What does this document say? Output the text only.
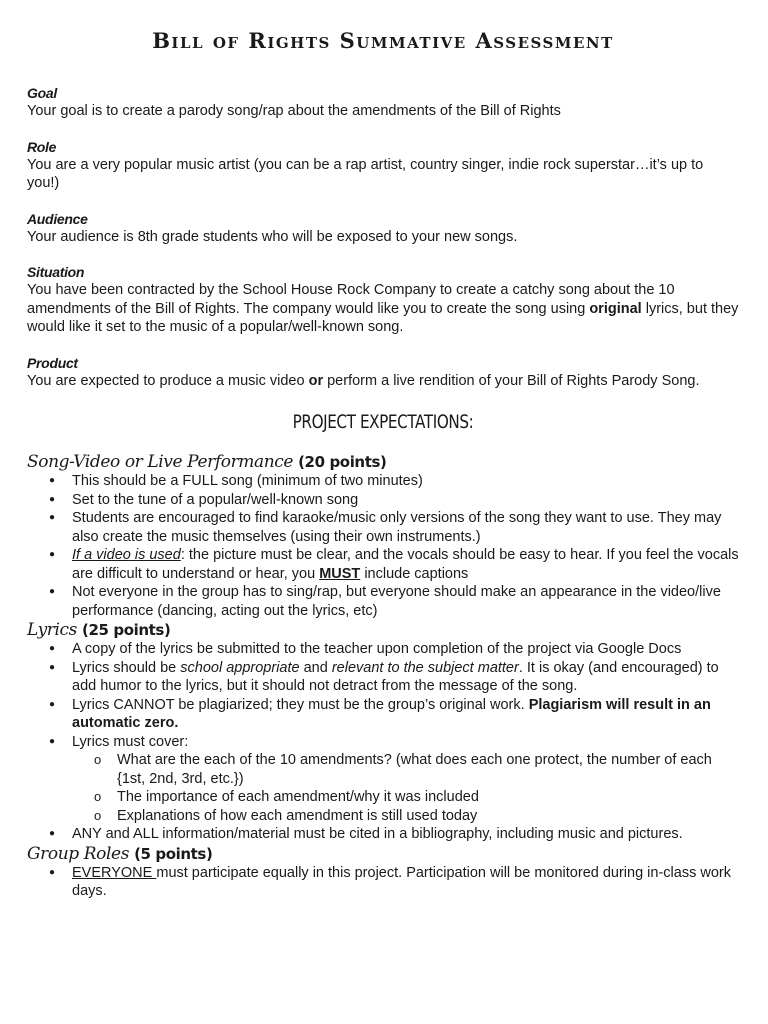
Bill of Rights Summative Assessment
Goal
Your goal is to create a parody song/rap about the amendments of the Bill of Rights
Role
You are a very popular music artist (you can be a rap artist, country singer, indie rock superstar…it’s up to you!)
Audience
Your audience is 8th grade students who will be exposed to your new songs.
Situation
You have been contracted by the School House Rock Company to create a catchy song about the 10 amendments of the Bill of Rights. The company would like you to create the song using original lyrics, but they would like it set to the music of a popular/well-known song.
Product
You are expected to produce a music video or perform a live rendition of your Bill of Rights Parody Song.
PROJECT EXPECTATIONS:
Song-Video or Live Performance (20 points)
● This should be a FULL song (minimum of two minutes)
● Set to the tune of a popular/well-known song
● Students are encouraged to find karaoke/music only versions of the song they want to use. They may also create the music themselves (using their own instruments.)
● If a video is used: the picture must be clear, and the vocals should be easy to hear. If you feel the vocals are difficult to understand or hear, you MUST include captions
● Not everyone in the group has to sing/rap, but everyone should make an appearance in the video/live performance (dancing, acting out the lyrics, etc)
Lyrics (25 points)
● A copy of the lyrics be submitted to the teacher upon completion of the project via Google Docs
● Lyrics should be school appropriate and relevant to the subject matter. It is okay (and encouraged) to add humor to the lyrics, but it should not detract from the message of the song.
● Lyrics CANNOT be plagiarized; they must be the group’s original work. Plagiarism will result in an automatic zero.
● Lyrics must cover:
o What are the each of the 10 amendments? (what does each one protect, the number of each {1st, 2nd, 3rd, etc.})
o The importance of each amendment/why it was included
o Explanations of how each amendment is still used today
● ANY and ALL information/material must be cited in a bibliography, including music and pictures.
Group Roles (5 points)
● EVERYONE must participate equally in this project. Participation will be monitored during in-class work days.
